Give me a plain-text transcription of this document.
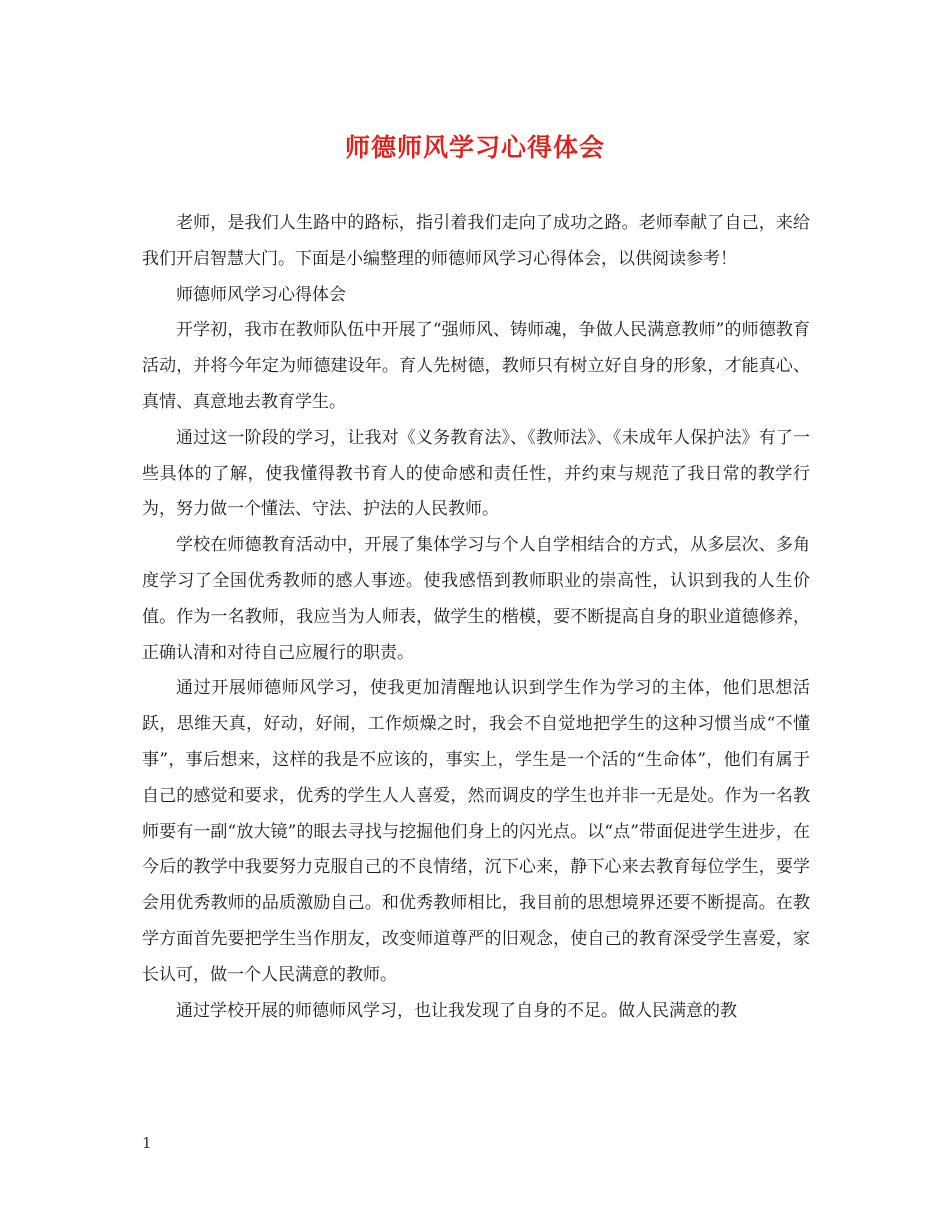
师德师风学习心得体会

老师，是我们人生路中的路标，指引着我们走向了成功之路。老师奉献了自己，来给我们开启智慧大门。下面是小编整理的师德师风学习心得体会，以供阅读参考！

师德师风学习心得体会

开学初，我市在教师队伍中开展了“强师风、铸师魂，争做人民满意教师”的师德教育活动，并将今年定为师德建设年。育人先树德，教师只有树立好自身的形象，才能真心、真情、真意地去教育学生。

通过这一阶段的学习，让我对《义务教育法》、《教师法》、《未成年人保护法》有了一些具体的了解，使我懂得教书育人的使命感和责任性，并约束与规范了我日常的教学行为，努力做一个懂法、守法、护法的人民教师。

学校在师德教育活动中，开展了集体学习与个人自学相结合的方式，从多层次、多角度学习了全国优秀教师的感人事迹。使我感悟到教师职业的崇高性，认识到我的人生价值。作为一名教师，我应当为人师表，做学生的楷模，要不断提高自身的职业道德修养，正确认清和对待自己应履行的职责。

通过开展师德师风学习，使我更加清醒地认识到学生作为学习的主体，他们思想活跃，思维天真，好动，好闹，工作烦燥之时，我会不自觉地把学生的这种习惯当成“不懂事”，事后想来，这样的我是不应该的，事实上，学生是一个活的“生命体”，他们有属于自己的感觉和要求，优秀的学生人人喜爱，然而调皮的学生也并非一无是处。作为一名教师要有一副“放大镜”的眼去寻找与挖掘他们身上的闪光点。以“点”带面促进学生进步，在今后的教学中我要努力克服自己的不良情绪，沉下心来，静下心来去教育每位学生，要学会用优秀教师的品质激励自己。和优秀教师相比，我目前的思想境界还要不断提高。在教学方面首先要把学生当作朋友，改变师道尊严的旧观念，使自己的教育深受学生喜爱，家长认可，做一个人民满意的教师。

通过学校开展的师德师风学习，也让我发现了自身的不足。做人民满意的教

1
